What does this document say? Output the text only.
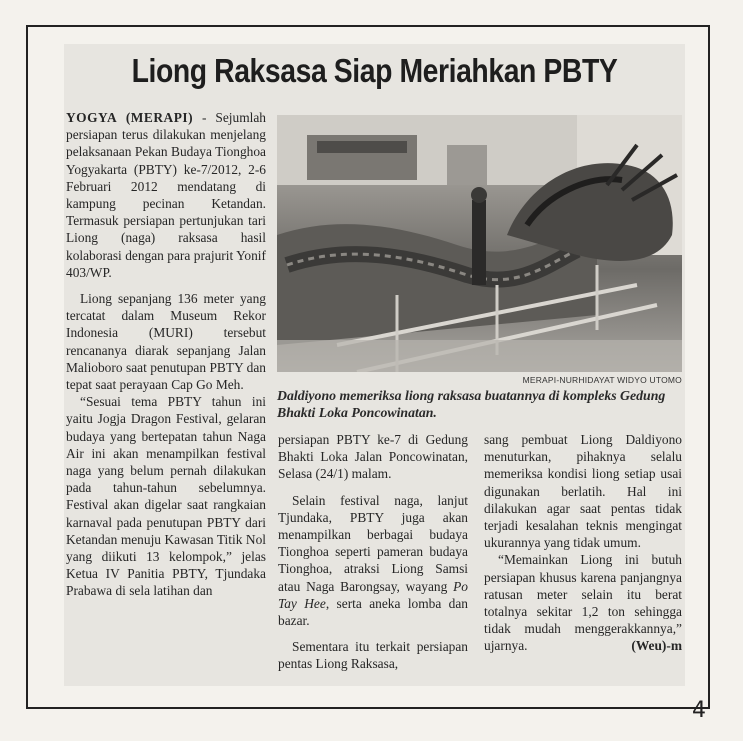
4
Liong Raksasa Siap Meriahkan PBTY

YOGYA (MERAPI) - Sejumlah persiapan terus dilakukan menjelang pelaksanaan Pekan Budaya Tionghoa Yogyakarta (PBTY) ke-7/2012, 2-6 Februari 2012 mendatang di kampung pecinan Ketandan. Termasuk persiapan pertunjukan tari Liong (naga) raksasa hasil kolaborasi dengan para prajurit Yonif 403/WP.

Liong sepanjang 136 meter yang tercatat dalam Museum Rekor Indonesia (MURI) tersebut rencananya diarak sepanjang Jalan Malioboro saat penutupan PBTY dan tepat saat perayaan Cap Go Meh.

“Sesuai tema PBTY tahun ini yaitu Jogja Dragon Festival, gelaran budaya yang bertepatan tahun Naga Air ini akan menampilkan festival naga yang belum pernah dilakukan pada tahun-tahun sebelumnya. Festival akan digelar saat rangkaian karnaval pada penutupan PBTY dari Ketandan menuju Kawasan Titik Nol yang diikuti 13 kelompok,” jelas Ketua IV Panitia PBTY, Tjundaka Prabawa di sela latihan dan

MERAPI-NURHIDAYAT WIDYO UTOMO
Daldiyono memeriksa liong raksasa buatannya di kompleks Gedung Bhakti Loka Poncowinatan.

persiapan PBTY ke-7 di Gedung Bhakti Loka Jalan Poncowinatan, Selasa (24/1) malam.

Selain festival naga, lanjut Tjundaka, PBTY juga akan menampilkan berbagai budaya Tionghoa seperti pameran budaya Tionghoa, atraksi Liong Samsi atau Naga Barongsay, wayang Po Tay Hee, serta aneka lomba dan bazar.

Sementara itu terkait persiapan pentas Liong Raksasa,

sang pembuat Liong Daldiyono menuturkan, pihaknya selalu memeriksa kondisi liong setiap usai digunakan berlatih. Hal ini dilakukan agar saat pentas tidak terjadi kesalahan teknis mengingat ukurannya yang tidak umum.

“Memainkan Liong ini butuh persiapan khusus karena panjangnya ratusan meter selain itu berat totalnya sekitar 1,2 ton sehingga tidak mudah menggerakkannya,” ujarnya.	(Weu)-m
